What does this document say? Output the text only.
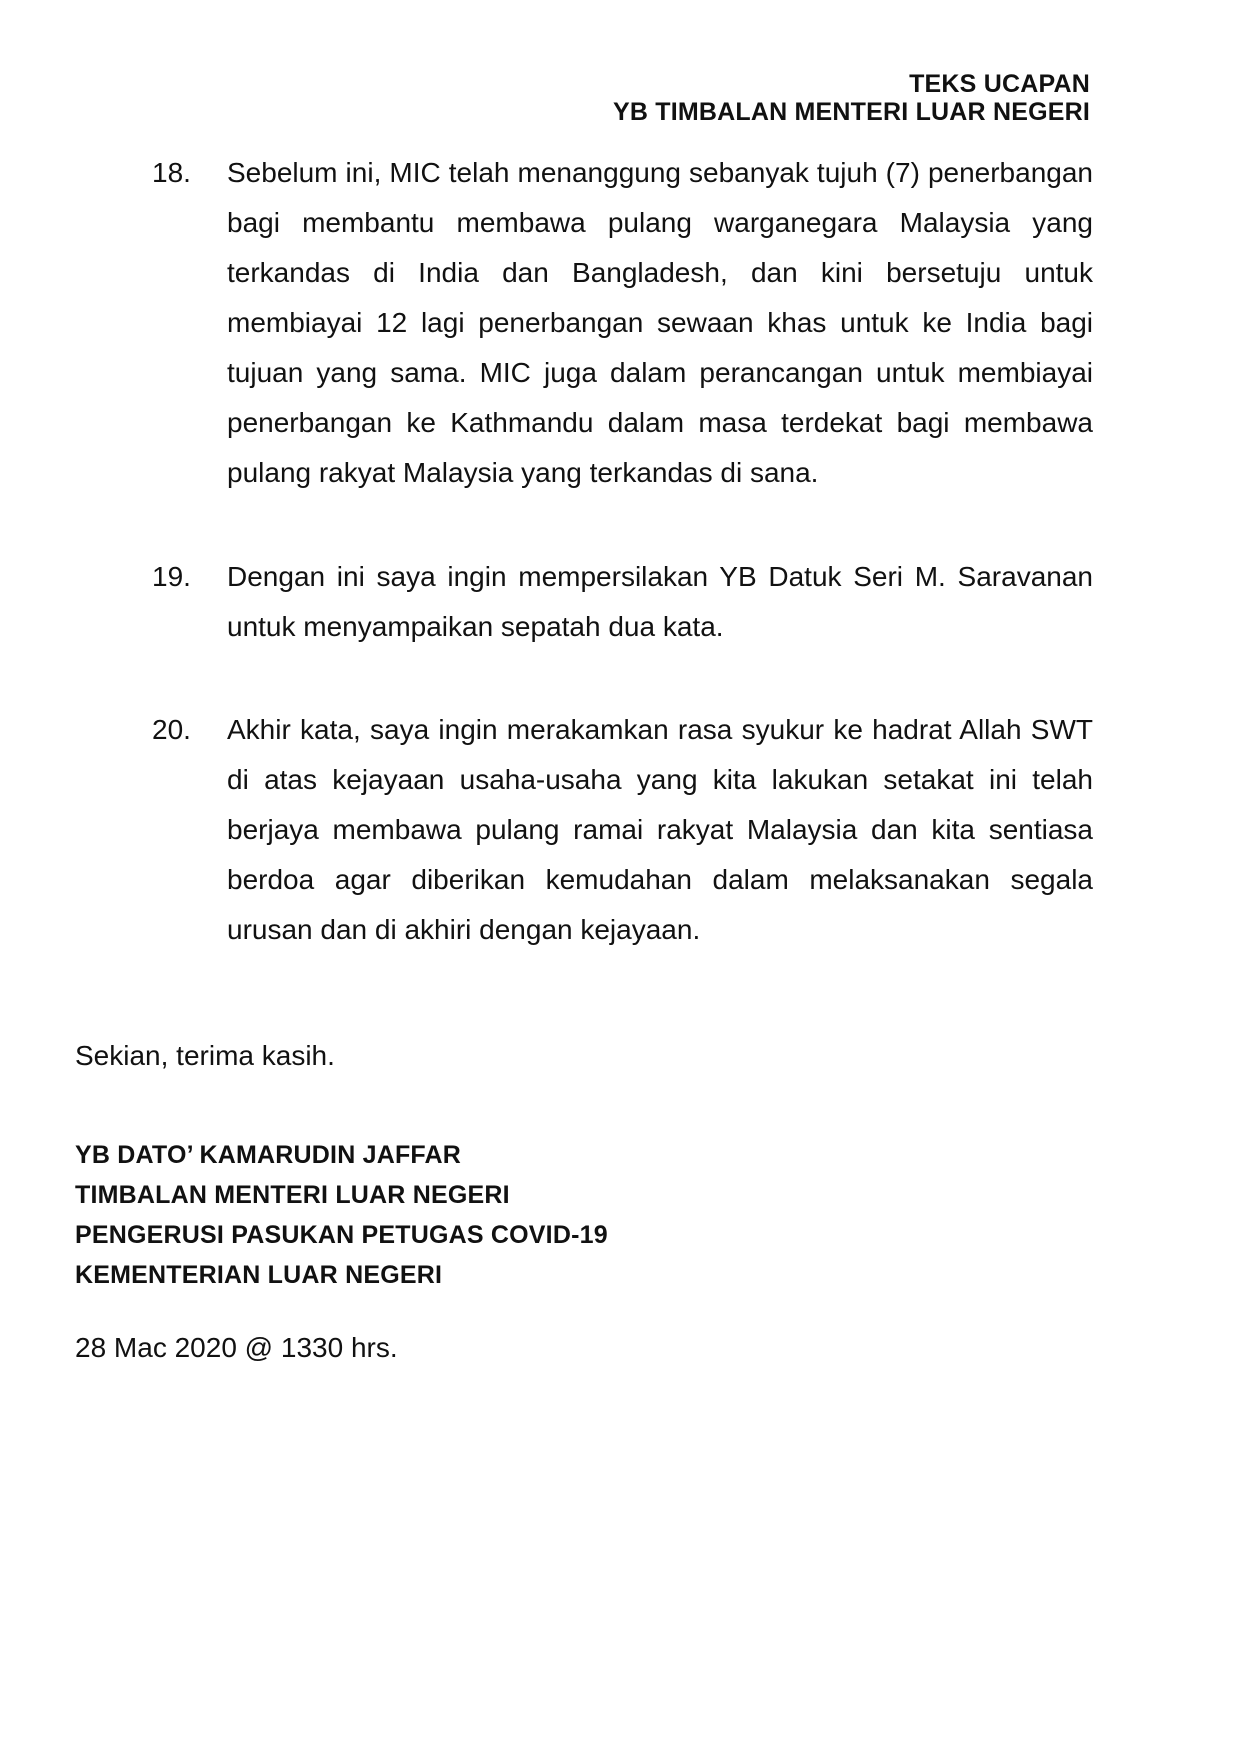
TEKS UCAPAN
YB TIMBALAN MENTERI LUAR NEGERI
18.	Sebelum ini, MIC telah menanggung sebanyak tujuh (7) penerbangan bagi membantu membawa pulang warganegara Malaysia yang terkandas di India dan Bangladesh, dan kini bersetuju untuk membiayai 12 lagi penerbangan sewaan khas untuk ke India bagi tujuan yang sama. MIC juga dalam perancangan untuk membiayai penerbangan ke Kathmandu dalam masa terdekat bagi membawa pulang rakyat Malaysia yang terkandas di sana.
19.	Dengan ini saya ingin mempersilakan YB Datuk Seri M. Saravanan untuk menyampaikan sepatah dua kata.
20.	Akhir kata, saya ingin merakamkan rasa syukur ke hadrat Allah SWT di atas kejayaan usaha-usaha yang kita lakukan setakat ini telah berjaya membawa pulang ramai rakyat Malaysia dan kita sentiasa berdoa agar diberikan kemudahan dalam melaksanakan segala urusan dan di akhiri dengan kejayaan.
Sekian, terima kasih.
YB DATO’ KAMARUDIN JAFFAR
TIMBALAN MENTERI LUAR NEGERI
PENGERUSI PASUKAN PETUGAS COVID-19
KEMENTERIAN LUAR NEGERI
28 Mac 2020 @ 1330 hrs.
